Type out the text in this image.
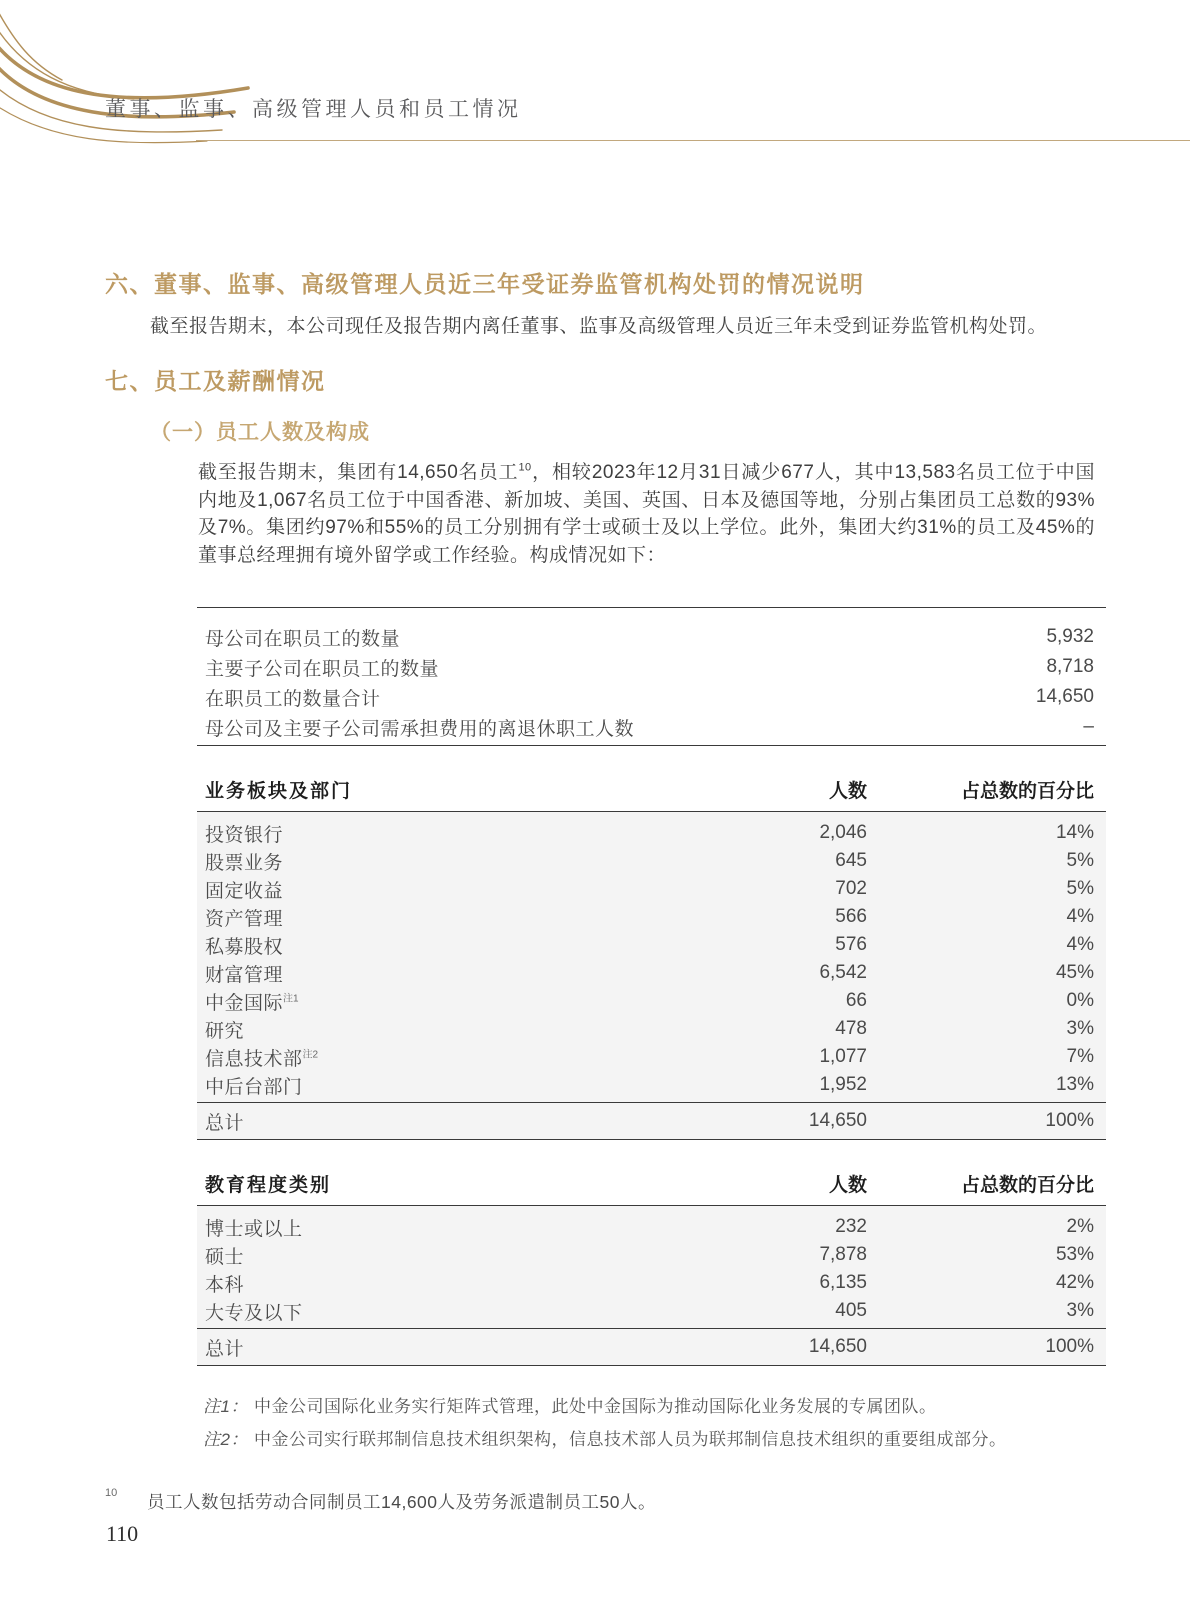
董事、监事、高级管理人员和员工情况
六、董事、监事、高级管理人员近三年受证券监管机构处罚的情况说明
截至报告期末，本公司现任及报告期内离任董事、监事及高级管理人员近三年未受到证券监管机构处罚。
七、员工及薪酬情况
（一）员工人数及构成

截至报告期末，集团有14,650名员工$^{10}$，相较2023年12月31日减少677人，其中13,583名员工位于中国内地及1,067名员工位于中国香港、新加坡、美国、英国、日本及德国等地，分别占集团员工总数的93%及7%。集团约97%和55%的员工分别拥有学士或硕士及以上学位。此外，集团大约31%的员工及45%的董事总经理拥有境外留学或工作经验。构成情况如下：

母公司在职员工的数量	5,932
主要子公司在职员工的数量	8,718
在职员工的数量合计	14,650
母公司及主要子公司需承担费用的离退休职工人数	–
业务板块及部门	人数	占总数的百分比
投资银行	2,046	14%
股票业务	645	5%
固定收益	702	5%
资产管理	566	4%
私募股权	576	4%
财富管理	6,542	45%
中金国际$^{注1}$	66	0%
研究	478	3%
信息技术部$^{注2}$	1,077	7%
中后台部门	1,952	13%
总计	14,650	100%
教育程度类别	人数	占总数的百分比
博士或以上	232	2%
硕士	7,878	53%
本科	6,135	42%
大专及以下	405	3%
总计	14,650	100%
注1： 中金公司国际化业务实行矩阵式管理，此处中金国际为推动国际化业务发展的专属团队。
注2： 中金公司实行联邦制信息技术组织架构，信息技术部人员为联邦制信息技术组织的重要组成部分。
10 员工人数包括劳动合同制员工14,600人及劳务派遣制员工50人。
110
